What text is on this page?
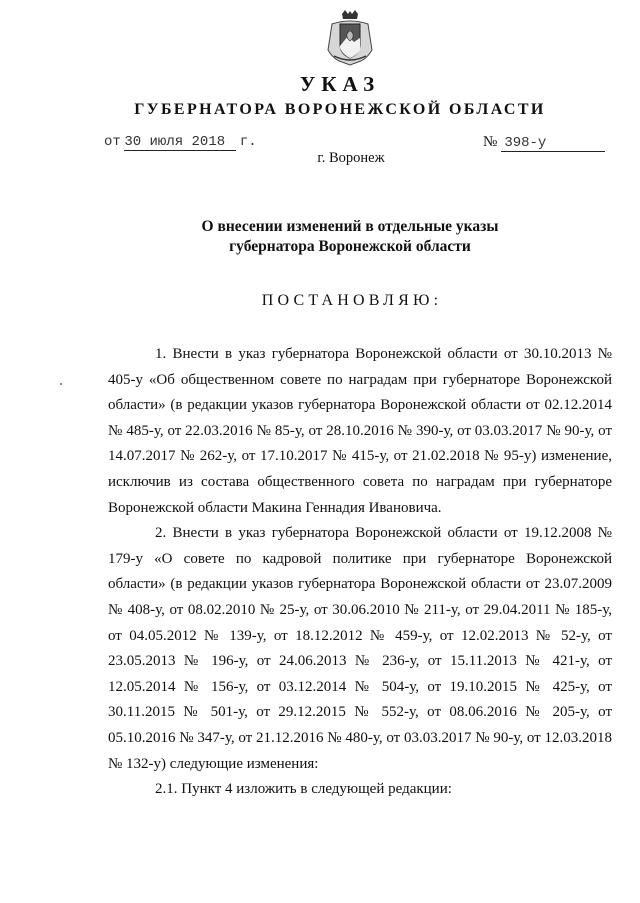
УКАЗ
ГУБЕРНАТОРА ВОРОНЕЖСКОЙ ОБЛАСТИ
от 30 июля 2018 г.	№ 398-у
г. Воронеж
О внесении изменений в отдельные указы
губернатора Воронежской области
ПОСТАНОВЛЯЮ:

1. Внести в указ губернатора Воронежской области от 30.10.2013 № 405-у «Об общественном совете по наградам при губернаторе Воронежской области» (в редакции указов губернатора Воронежской области от 02.12.2014 № 485-у, от 22.03.2016 № 85-у, от 28.10.2016 № 390-у, от 03.03.2017 № 90-у, от 14.07.2017 № 262-у, от 17.10.2017 № 415-у, от 21.02.2018 № 95-у) изменение, исключив из состава общественного совета по наградам при губернаторе Воронежской области Макина Геннадия Ивановича.

2. Внести в указ губернатора Воронежской области от 19.12.2008 № 179-у «О совете по кадровой политике при губернаторе Воронежской области» (в редакции указов губернатора Воронежской области от 23.07.2009 № 408-у, от 08.02.2010 № 25-у, от 30.06.2010 № 211-у, от 29.04.2011 № 185-у, от 04.05.2012 № 139-у, от 18.12.2012 № 459-у, от 12.02.2013 № 52-у, от 23.05.2013 № 196-у, от 24.06.2013 № 236-у, от 15.11.2013 № 421-у, от 12.05.2014 № 156-у, от 03.12.2014 № 504-у, от 19.10.2015 № 425-у, от 30.11.2015 № 501-у, от 29.12.2015 № 552-у, от 08.06.2016 № 205-у, от 05.10.2016 № 347-у, от 21.12.2016 № 480-у, от 03.03.2017 № 90-у, от 12.03.2018 № 132-у) следующие изменения:

2.1. Пункт 4 изложить в следующей редакции:
